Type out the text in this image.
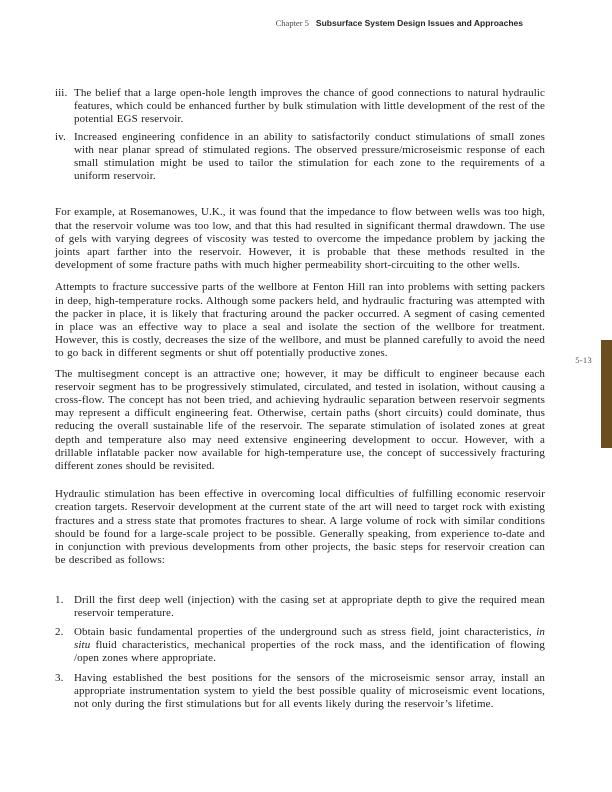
Chapter 5 Subsurface System Design Issues and Approaches
5-13
iii. The belief that a large open-hole length improves the chance of good connections to natural hydraulic features, which could be enhanced further by bulk stimulation with little development of the rest of the potential EGS reservoir.
iv. Increased engineering confidence in an ability to satisfactorily conduct stimulations of small zones with near planar spread of stimulated regions. The observed pressure/microseismic response of each small stimulation might be used to tailor the stimulation for each zone to the requirements of a uniform reservoir.

For example, at Rosemanowes, U.K., it was found that the impedance to flow between wells was too high, that the reservoir volume was too low, and that this had resulted in significant thermal drawdown. The use of gels with varying degrees of viscosity was tested to overcome the impedance problem by jacking the joints apart farther into the reservoir. However, it is probable that these methods resulted in the development of some fracture paths with much higher permeability short-circuiting to the other wells.

Attempts to fracture successive parts of the wellbore at Fenton Hill ran into problems with setting packers in deep, high-temperature rocks. Although some packers held, and hydraulic fracturing was attempted with the packer in place, it is likely that fracturing around the packer occurred. A segment of casing cemented in place was an effective way to place a seal and isolate the section of the wellbore for treatment. However, this is costly, decreases the size of the wellbore, and must be planned carefully to avoid the need to go back in different segments or shut off potentially productive zones.

The multisegment concept is an attractive one; however, it may be difficult to engineer because each reservoir segment has to be progressively stimulated, circulated, and tested in isolation, without causing a cross-flow. The concept has not been tried, and achieving hydraulic separation between reservoir segments may represent a difficult engineering feat. Otherwise, certain paths (short circuits) could dominate, thus reducing the overall sustainable life of the reservoir. The separate stimulation of isolated zones at great depth and temperature also may need extensive engineering development to occur. However, with a drillable inflatable packer now available for high-temperature use, the concept of successively fracturing different zones should be revisited.

Hydraulic stimulation has been effective in overcoming local difficulties of fulfilling economic reservoir creation targets. Reservoir development at the current state of the art will need to target rock with existing fractures and a stress state that promotes fractures to shear. A large volume of rock with similar conditions should be found for a large-scale project to be possible. Generally speaking, from experience to-date and in conjunction with previous developments from other projects, the basic steps for reservoir creation can be described as follows:

1. Drill the first deep well (injection) with the casing set at appropriate depth to give the required mean reservoir temperature.
2. Obtain basic fundamental properties of the underground such as stress field, joint characteristics, in situ fluid characteristics, mechanical properties of the rock mass, and the identification of flowing /open zones where appropriate.
3. Having established the best positions for the sensors of the microseismic sensor array, install an appropriate instrumentation system to yield the best possible quality of microseismic event locations, not only during the first stimulations but for all events likely during the reservoir’s lifetime.
